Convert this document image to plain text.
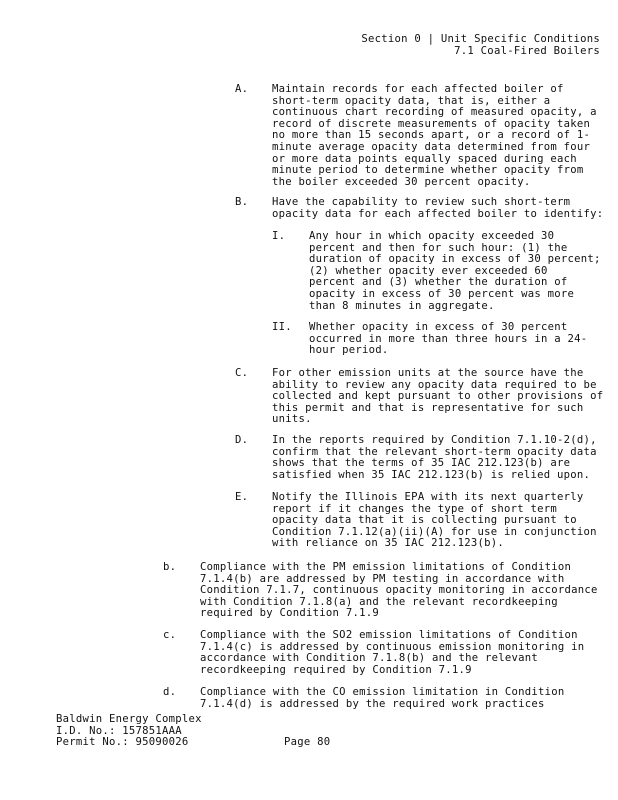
Section 0 | Unit Specific Conditions
7.1 Coal-Fired Boilers
A. Maintain records for each affected boiler of
short-term opacity data, that is, either a
continuous chart recording of measured opacity, a
record of discrete measurements of opacity taken
no more than 15 seconds apart, or a record of 1-
minute average opacity data determined from four
or more data points equally spaced during each
minute period to determine whether opacity from
the boiler exceeded 30 percent opacity.
B. Have the capability to review such short-term
opacity data for each affected boiler to identify:
I. Any hour in which opacity exceeded 30
percent and then for such hour: (1) the
duration of opacity in excess of 30 percent;
(2) whether opacity ever exceeded 60
percent and (3) whether the duration of
opacity in excess of 30 percent was more
than 8 minutes in aggregate.
II. Whether opacity in excess of 30 percent
occurred in more than three hours in a 24-
hour period.
C. For other emission units at the source have the
ability to review any opacity data required to be
collected and kept pursuant to other provisions of
this permit and that is representative for such
units.
D. In the reports required by Condition 7.1.10-2(d),
confirm that the relevant short-term opacity data
shows that the terms of 35 IAC 212.123(b) are
satisfied when 35 IAC 212.123(b) is relied upon.
E. Notify the Illinois EPA with its next quarterly
report if it changes the type of short term
opacity data that it is collecting pursuant to
Condition 7.1.12(a)(ii)(A) for use in conjunction
with reliance on 35 IAC 212.123(b).
b. Compliance with the PM emission limitations of Condition
7.1.4(b) are addressed by PM testing in accordance with
Condition 7.1.7, continuous opacity monitoring in accordance
with Condition 7.1.8(a) and the relevant recordkeeping
required by Condition 7.1.9
c. Compliance with the SO2 emission limitations of Condition
7.1.4(c) is addressed by continuous emission monitoring in
accordance with Condition 7.1.8(b) and the relevant
recordkeeping required by Condition 7.1.9
d. Compliance with the CO emission limitation in Condition
7.1.4(d) is addressed by the required work practices
Baldwin Energy Complex
I.D. No.: 157851AAA
Permit No.: 95090026	Page 80
